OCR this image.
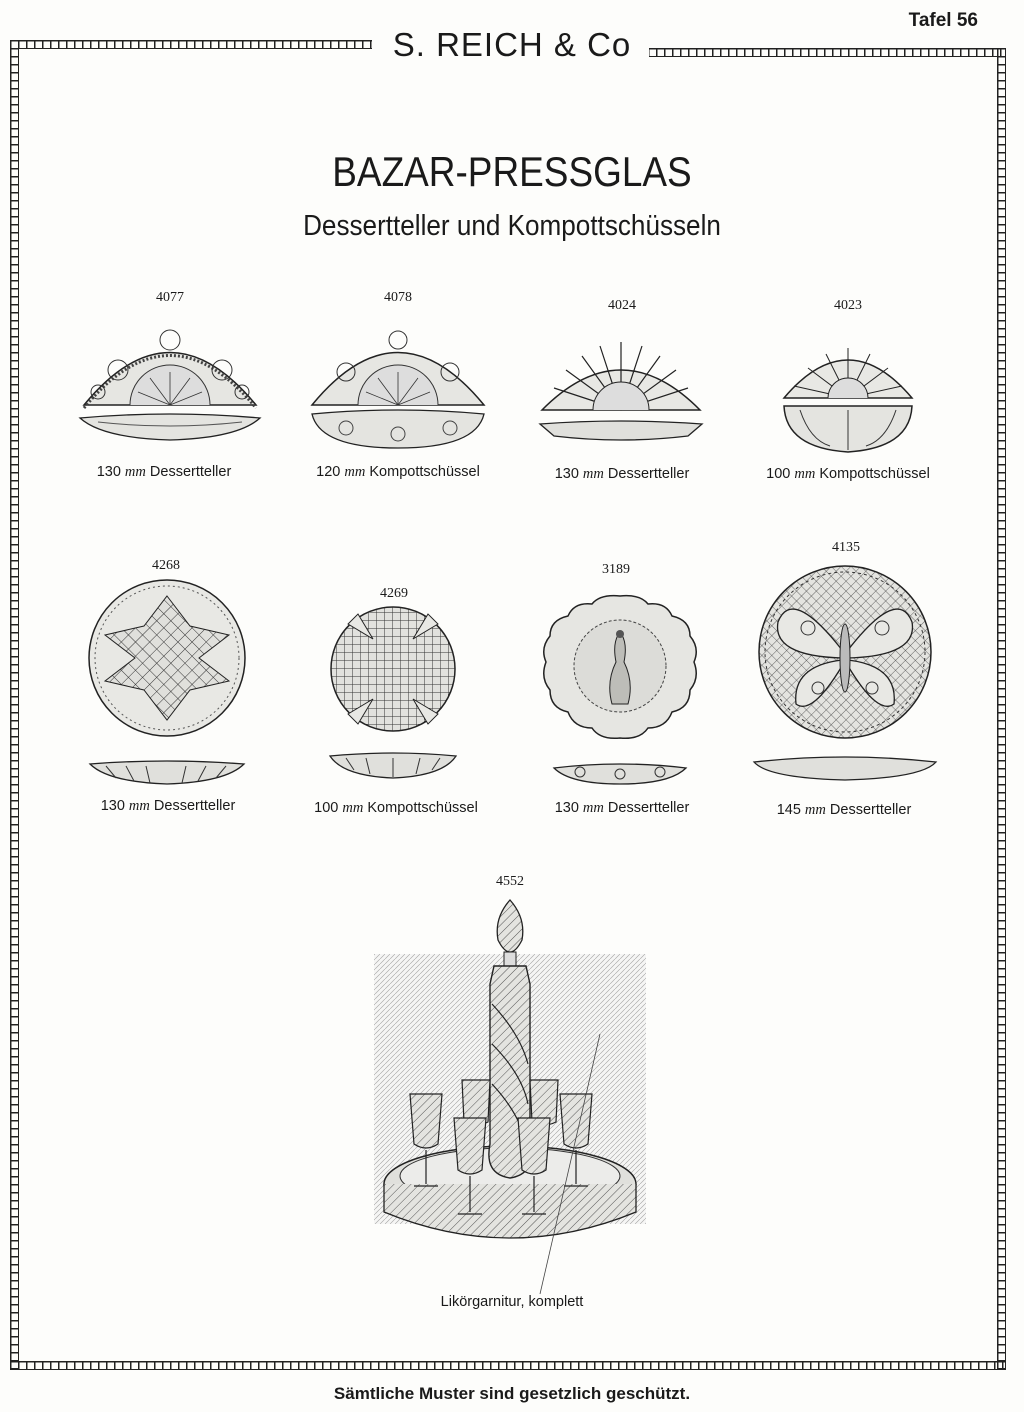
Tafel 56
S. REICH & Co
BAZAR-PRESSGLAS
Dessertteller und Kompottschüsseln
4077	4078
4024	4023
130 mm Dessertteller	120 mm Kompottschüssel	130 mm Dessertteller	100 mm Kompottschüssel
4268
4269
3189
4135
130 mm Dessertteller	100 mm Kompottschüssel	130 mm Dessertteller	145 mm Dessertteller
4552
Likörgarnitur, komplett
Sämtliche Muster sind gesetzlich geschützt.
